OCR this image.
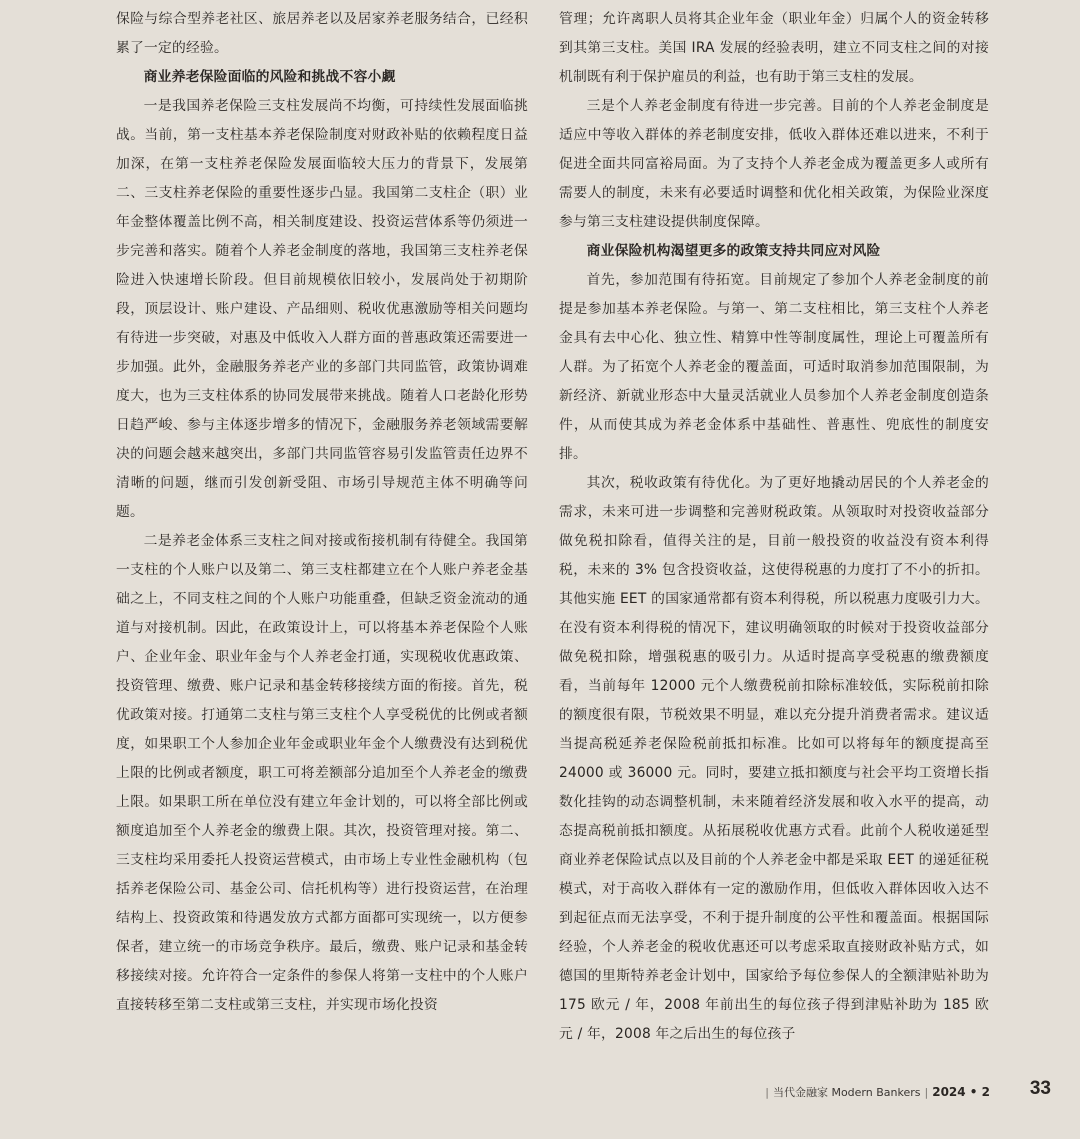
保险与综合型养老社区、旅居养老以及居家养老服务结合，已经积累了一定的经验。

商业养老保险面临的风险和挑战不容小觑

一是我国养老保险三支柱发展尚不均衡，可持续性发展面临挑战。当前，第一支柱基本养老保险制度对财政补贴的依赖程度日益加深，在第一支柱养老保险发展面临较大压力的背景下，发展第二、三支柱养老保险的重要性逐步凸显。我国第二支柱企（职）业年金整体覆盖比例不高，相关制度建设、投资运营体系等仍须进一步完善和落实。随着个人养老金制度的落地，我国第三支柱养老保险进入快速增长阶段。但目前规模依旧较小，发展尚处于初期阶段，顶层设计、账户建设、产品细则、税收优惠激励等相关问题均有待进一步突破，对惠及中低收入人群方面的普惠政策还需要进一步加强。此外，金融服务养老产业的多部门共同监管，政策协调难度大，也为三支柱体系的协同发展带来挑战。随着人口老龄化形势日趋严峻、参与主体逐步增多的情况下，金融服务养老领域需要解决的问题会越来越突出，多部门共同监管容易引发监管责任边界不清晰的问题，继而引发创新受阻、市场引导规范主体不明确等问题。

二是养老金体系三支柱之间对接或衔接机制有待健全。我国第一支柱的个人账户以及第二、第三支柱都建立在个人账户养老金基础之上，不同支柱之间的个人账户功能重叠，但缺乏资金流动的通道与对接机制。因此，在政策设计上，可以将基本养老保险个人账户、企业年金、职业年金与个人养老金打通，实现税收优惠政策、投资管理、缴费、账户记录和基金转移接续方面的衔接。首先，税优政策对接。打通第二支柱与第三支柱个人享受税优的比例或者额度，如果职工个人参加企业年金或职业年金个人缴费没有达到税优上限的比例或者额度，职工可将差额部分追加至个人养老金的缴费上限。如果职工所在单位没有建立年金计划的，可以将全部比例或额度追加至个人养老金的缴费上限。其次，投资管理对接。第二、三支柱均采用委托人投资运营模式，由市场上专业性金融机构（包括养老保险公司、基金公司、信托机构等）进行投资运营，在治理结构上、投资政策和待遇发放方式都方面都可实现统一，以方便参保者，建立统一的市场竞争秩序。最后，缴费、账户记录和基金转移接续对接。允许符合一定条件的参保人将第一支柱中的个人账户直接转移至第二支柱或第三支柱，并实现市场化投资

管理；允许离职人员将其企业年金（职业年金）归属个人的资金转移到其第三支柱。美国 IRA 发展的经验表明，建立不同支柱之间的对接机制既有利于保护雇员的利益，也有助于第三支柱的发展。

三是个人养老金制度有待进一步完善。目前的个人养老金制度是适应中等收入群体的养老制度安排，低收入群体还难以进来，不利于促进全面共同富裕局面。为了支持个人养老金成为覆盖更多人或所有需要人的制度，未来有必要适时调整和优化相关政策，为保险业深度参与第三支柱建设提供制度保障。

商业保险机构渴望更多的政策支持共同应对风险

首先，参加范围有待拓宽。目前规定了参加个人养老金制度的前提是参加基本养老保险。与第一、第二支柱相比，第三支柱个人养老金具有去中心化、独立性、精算中性等制度属性，理论上可覆盖所有人群。为了拓宽个人养老金的覆盖面，可适时取消参加范围限制，为新经济、新就业形态中大量灵活就业人员参加个人养老金制度创造条件，从而使其成为养老金体系中基础性、普惠性、兜底性的制度安排。

其次，税收政策有待优化。为了更好地撬动居民的个人养老金的需求，未来可进一步调整和完善财税政策。从领取时对投资收益部分做免税扣除看，值得关注的是，目前一般投资的收益没有资本利得税，未来的 3% 包含投资收益，这使得税惠的力度打了不小的折扣。其他实施 EET 的国家通常都有资本利得税，所以税惠力度吸引力大。在没有资本利得税的情况下，建议明确领取的时候对于投资收益部分做免税扣除，增强税惠的吸引力。从适时提高享受税惠的缴费额度看，当前每年 12000 元个人缴费税前扣除标准较低，实际税前扣除的额度很有限，节税效果不明显，难以充分提升消费者需求。建议适当提高税延养老保险税前抵扣标准。比如可以将每年的额度提高至 24000 或 36000 元。同时，要建立抵扣额度与社会平均工资增长指数化挂钩的动态调整机制，未来随着经济发展和收入水平的提高，动态提高税前抵扣额度。从拓展税收优惠方式看。此前个人税收递延型商业养老保险试点以及目前的个人养老金中都是采取 EET 的递延征税模式，对于高收入群体有一定的激励作用，但低收入群体因收入达不到起征点而无法享受，不利于提升制度的公平性和覆盖面。根据国际经验，个人养老金的税收优惠还可以考虑采取直接财政补贴方式，如德国的里斯特养老金计划中，国家给予每位参保人的全额津贴补助为 175 欧元 / 年，2008 年前出生的每位孩子得到津贴补助为 185 欧元 / 年，2008 年之后出生的每位孩子

| 当代金融家 Modern Bankers | 2024 • 2 33
